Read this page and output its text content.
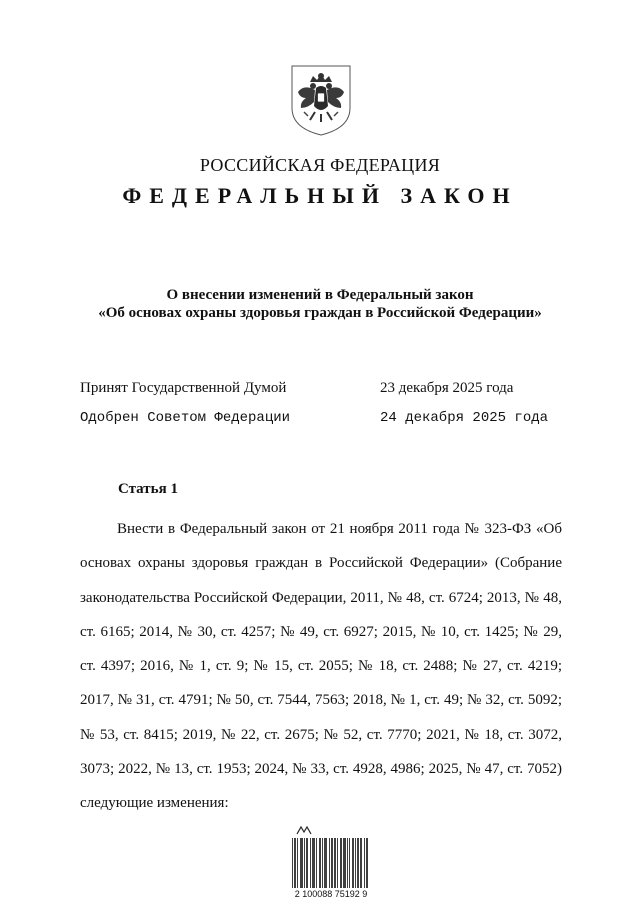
РОССИЙСКАЯ ФЕДЕРАЦИЯ
ФЕДЕРАЛЬНЫЙ ЗАКОН
О внесении изменений в Федеральный закон
«Об основах охраны здоровья граждан в Российской Федерации»
Принят Государственной Думой	23 декабря 2025 года
Одобрен Советом Федерации	24 декабря 2025 года
Статья 1

Внести в Федеральный закон от 21 ноября 2011 года № 323-ФЗ «Об основах охраны здоровья граждан в Российской Федерации» (Собрание законодательства Российской Федерации, 2011, № 48, ст. 6724; 2013, № 48, ст. 6165; 2014, № 30, ст. 4257; № 49, ст. 6927; 2015, № 10, ст. 1425; № 29, ст. 4397; 2016, № 1, ст. 9; № 15, ст. 2055; № 18, ст. 2488; № 27, ст. 4219; 2017, № 31, ст. 4791; № 50, ст. 7544, 7563; 2018, № 1, ст. 49; № 32, ст. 5092; № 53, ст. 8415; 2019, № 22, ст. 2675; № 52, ст. 7770; 2021, № 18, ст. 3072, 3073; 2022, № 13, ст. 1953; 2024, № 33, ст. 4928, 4986; 2025, № 47, ст. 7052) следующие изменения:

2 100088 75192 9
